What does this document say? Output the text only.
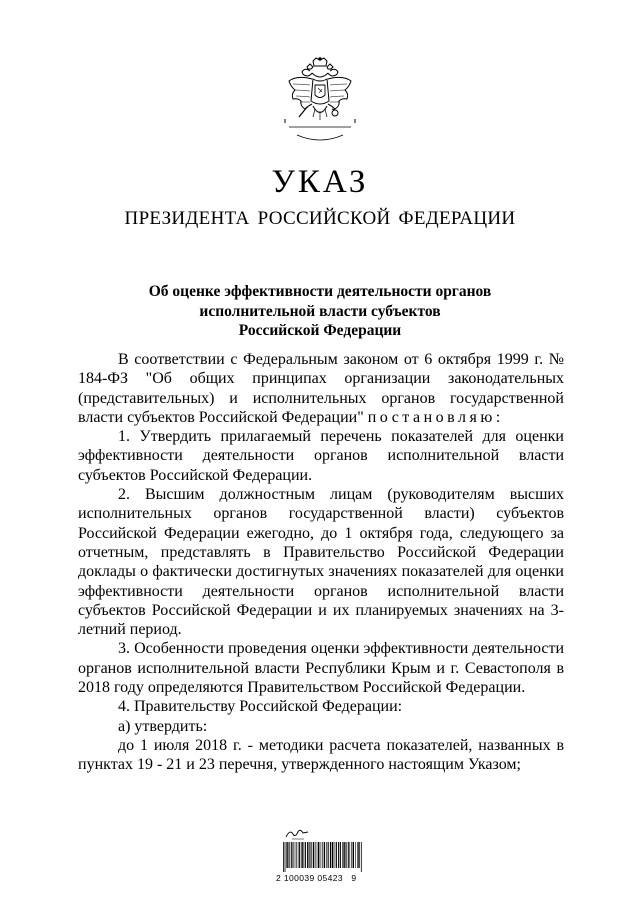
УКАЗ
ПРЕЗИДЕНТА РОССИЙСКОЙ ФЕДЕРАЦИИ
Об оценке эффективности деятельности органов
исполнительной власти субъектов
Российской Федерации

В соответствии с Федеральным законом от 6 октября 1999 г. № 184-ФЗ "Об общих принципах организации законодательных (представительных) и исполнительных органов государственной власти субъектов Российской Федерации" постановляю:

1. Утвердить прилагаемый перечень показателей для оценки эффективности деятельности органов исполнительной власти субъектов Российской Федерации.

2. Высшим должностным лицам (руководителям высших исполнительных органов государственной власти) субъектов Российской Федерации ежегодно, до 1 октября года, следующего за отчетным, представлять в Правительство Российской Федерации доклады о фактически достигнутых значениях показателей для оценки эффективности деятельности органов исполнительной власти субъектов Российской Федерации и их планируемых значениях на 3-летний период.

3. Особенности проведения оценки эффективности деятельности органов исполнительной власти Республики Крым и г. Севастополя в 2018 году определяются Правительством Российской Федерации.

4. Правительству Российской Федерации:

а) утвердить:

до 1 июля 2018 г. - методики расчета показателей, названных в пунктах 19 - 21 и 23 перечня, утвержденного настоящим Указом;

2 100039 05423   9
